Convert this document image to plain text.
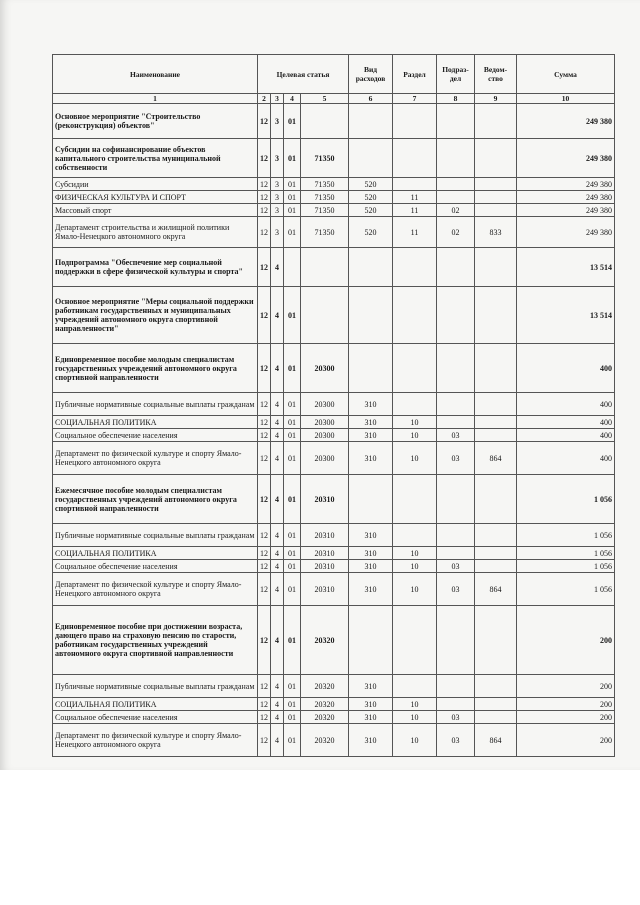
Наименование	Целевая статья				Вид расходов	Раздел	Подраз-дел	Ведом-ство	Сумма
1	2	3	4	5	6	7	8	9	10
Основное мероприятие "Строительство (реконструкция) объектов"	12	3	01						249 380
Субсидии на софинансирование объектов капитального строительства муниципальной собственности	12	3	01	71350					249 380
Субсидии	12	3	01	71350	520				249 380
ФИЗИЧЕСКАЯ КУЛЬТУРА И СПОРТ	12	3	01	71350	520	11			249 380
Массовый спорт	12	3	01	71350	520	11	02		249 380
Департамент строительства и жилищной политики Ямало-Ненецкого автономного округа	12	3	01	71350	520	11	02	833	249 380
Подпрограмма "Обеспечение мер социальной поддержки в сфере физической культуры и спорта"	12	4							13 514
Основное мероприятие "Меры социальной поддержки работникам государственных и муниципальных учреждений автономного округа спортивной направленности"	12	4	01						13 514
Единовременное пособие молодым специалистам государственных учреждений автономного округа спортивной направленности	12	4	01	20300					400
Публичные нормативные социальные выплаты гражданам	12	4	01	20300	310				400
СОЦИАЛЬНАЯ ПОЛИТИКА	12	4	01	20300	310	10			400
Социальное обеспечение населения	12	4	01	20300	310	10	03		400
Департамент по физической культуре и спорту Ямало-Ненецкого автономного округа	12	4	01	20300	310	10	03	864	400
Ежемесячное пособие молодым специалистам государственных учреждений автономного округа спортивной направленности	12	4	01	20310					1 056
Публичные нормативные социальные выплаты гражданам	12	4	01	20310	310				1 056
СОЦИАЛЬНАЯ ПОЛИТИКА	12	4	01	20310	310	10			1 056
Социальное обеспечение населения	12	4	01	20310	310	10	03		1 056
Департамент по физической культуре и спорту Ямало-Ненецкого автономного округа	12	4	01	20310	310	10	03	864	1 056
Единовременное пособие при достижении возраста, дающего право на страховую пенсию по старости, работникам государственных учреждений автономного округа спортивной направленности	12	4	01	20320					200
Публичные нормативные социальные выплаты гражданам	12	4	01	20320	310				200
СОЦИАЛЬНАЯ ПОЛИТИКА	12	4	01	20320	310	10			200
Социальное обеспечение населения	12	4	01	20320	310	10	03		200
Департамент по физической культуре и спорту Ямало-Ненецкого автономного округа	12	4	01	20320	310	10	03	864	200
